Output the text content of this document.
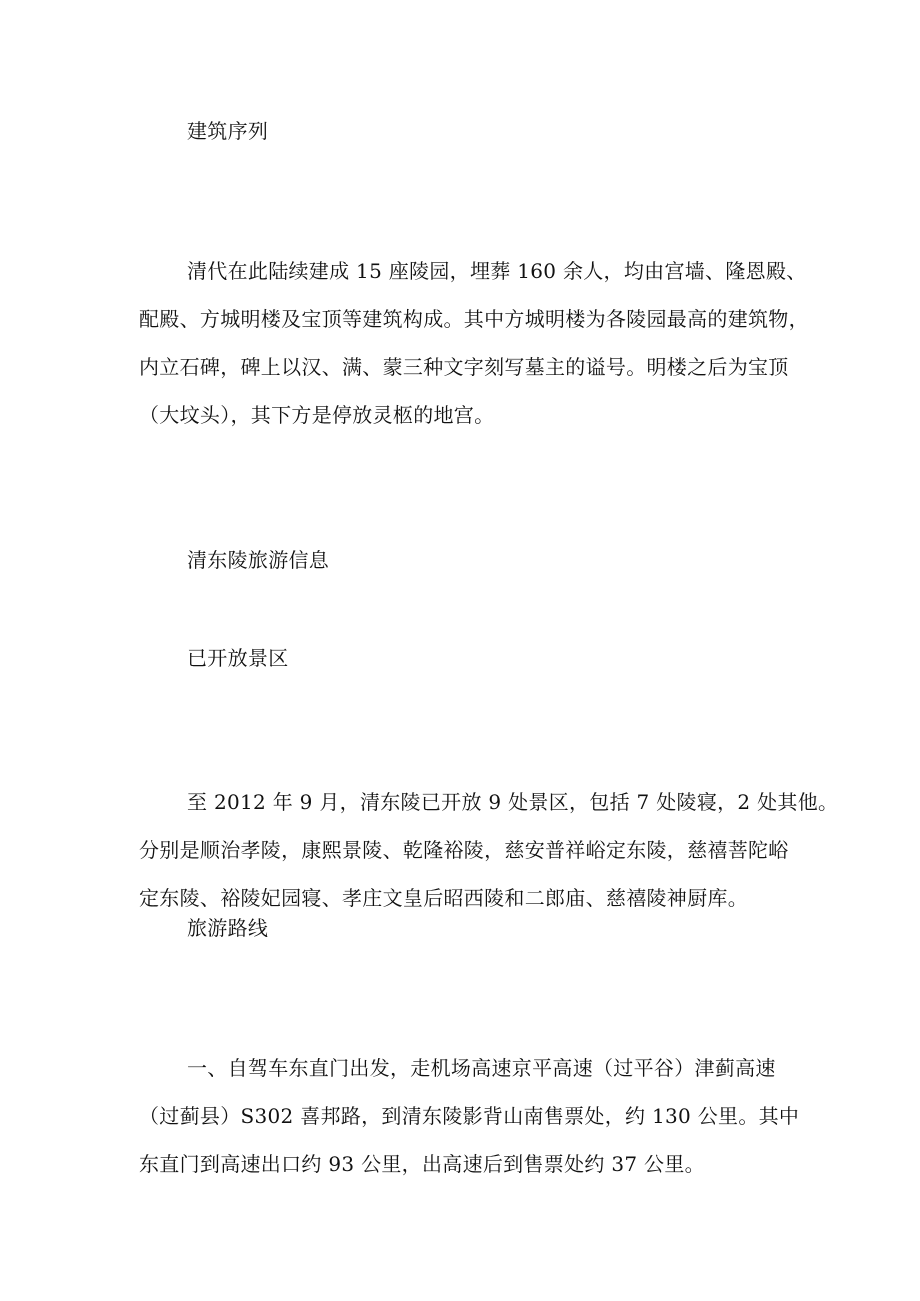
建筑序列
清代在此陆续建成 15 座陵园，埋葬 160 余人，均由宫墙、隆恩殿、
配殿、方城明楼及宝顶等建筑构成。其中方城明楼为各陵园最高的建筑物，
内立石碑，碑上以汉、满、蒙三种文字刻写墓主的谥号。明楼之后为宝顶
（大坟头），其下方是停放灵柩的地宫。
清东陵旅游信息
已开放景区
至 2012 年 9 月，清东陵已开放 9 处景区，包括 7 处陵寝，2 处其他。
分别是顺治孝陵，康熙景陵、乾隆裕陵，慈安普祥峪定东陵，慈禧菩陀峪
定东陵、裕陵妃园寝、孝庄文皇后昭西陵和二郎庙、慈禧陵神厨库。
旅游路线
一、自驾车东直门出发，走机场高速京平高速（过平谷）津蓟高速
（过蓟县）S302 喜邦路，到清东陵影背山南售票处，约 130 公里。其中
东直门到高速出口约 93 公里，出高速后到售票处约 37 公里。
